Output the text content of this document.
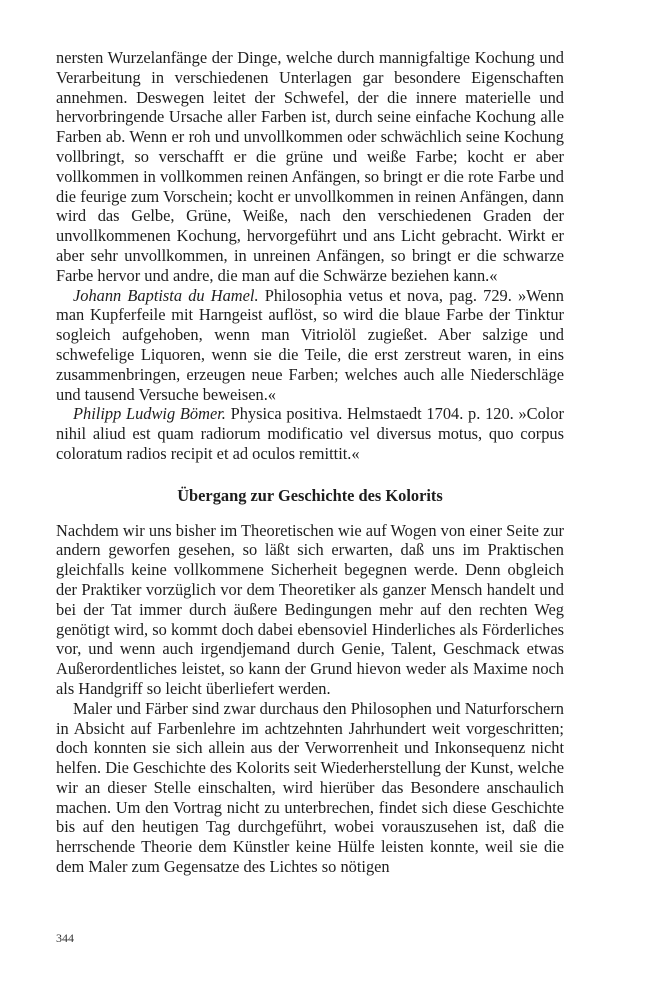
nersten Wurzelanfänge der Dinge, welche durch mannigfaltige Kochung und Verarbeitung in verschiedenen Unterlagen gar besondere Eigenschaften annehmen. Deswegen leitet der Schwefel, der die innere materielle und hervorbringende Ursache aller Farben ist, durch seine einfache Kochung alle Farben ab. Wenn er roh und unvollkommen oder schwächlich seine Kochung vollbringt, so verschafft er die grüne und weiße Farbe; kocht er aber vollkommen in vollkommen reinen Anfängen, so bringt er die rote Farbe und die feurige zum Vorschein; kocht er unvollkommen in reinen Anfängen, dann wird das Gelbe, Grüne, Weiße, nach den verschiedenen Graden der unvollkommenen Kochung, hervorgeführt und ans Licht gebracht. Wirkt er aber sehr unvollkommen, in unreinen Anfängen, so bringt er die schwarze Farbe hervor und andre, die man auf die Schwärze beziehen kann.«

Johann Baptista du Hamel. Philosophia vetus et nova, pag. 729. »Wenn man Kupferfeile mit Harngeist auflöst, so wird die blaue Farbe der Tinktur sogleich aufgehoben, wenn man Vitriolöl zugießet. Aber salzige und schwefelige Liquoren, wenn sie die Teile, die erst zerstreut waren, in eins zusammenbringen, erzeugen neue Farben; welches auch alle Niederschläge und tausend Versuche beweisen.«

Philipp Ludwig Bömer. Physica positiva. Helmstaedt 1704. p. 120. »Color nihil aliud est quam radiorum modificatio vel diversus motus, quo corpus coloratum radios recipit et ad oculos remittit.«

Übergang zur Geschichte des Kolorits

Nachdem wir uns bisher im Theoretischen wie auf Wogen von einer Seite zur andern geworfen gesehen, so läßt sich erwarten, daß uns im Praktischen gleichfalls keine vollkommene Sicherheit begegnen werde. Denn obgleich der Praktiker vorzüglich vor dem Theoretiker als ganzer Mensch handelt und bei der Tat immer durch äußere Bedingungen mehr auf den rechten Weg genötigt wird, so kommt doch dabei ebensoviel Hinderliches als Förderliches vor, und wenn auch irgendjemand durch Genie, Talent, Geschmack etwas Außerordentliches leistet, so kann der Grund hievon weder als Maxime noch als Handgriff so leicht überliefert werden.

Maler und Färber sind zwar durchaus den Philosophen und Naturforschern in Absicht auf Farbenlehre im achtzehnten Jahrhundert weit vorgeschritten; doch konnten sie sich allein aus der Verworrenheit und Inkonsequenz nicht helfen. Die Geschichte des Kolorits seit Wiederherstellung der Kunst, welche wir an dieser Stelle einschalten, wird hierüber das Besondere anschaulich machen. Um den Vortrag nicht zu unterbrechen, findet sich diese Geschichte bis auf den heutigen Tag durchgeführt, wobei vorauszusehen ist, daß die herrschende Theorie dem Künstler keine Hülfe leisten konnte, weil sie die dem Maler zum Gegensatze des Lichtes so nötigen

344
